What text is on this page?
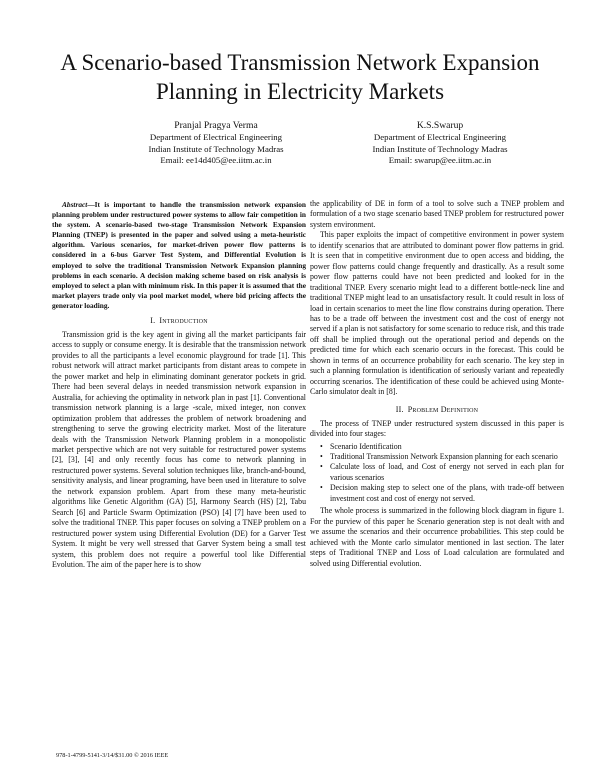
A Scenario-based Transmission Network Expansion
Planning in Electricity Markets
Pranjal Pragya Verma
Department of Electrical Engineering
Indian Institute of Technology Madras
Email: ee14d405@ee.iitm.ac.in
K.S.Swarup
Department of Electrical Engineering
Indian Institute of Technology Madras
Email: swarup@ee.iitm.ac.in

Abstract—It is important to handle the transmission network expansion planning problem under restructured power systems to allow fair competition in the system. A scenario-based two-stage Transmission Network Expansion Planning (TNEP) is presented in the paper and solved using a meta-heuristic algorithm. Various scenarios, for market-driven power flow patterns is considered in a 6-bus Garver Test System, and Differential Evolution is employed to solve the traditional Transmission Network Expansion planning problems in each scenario. A decision making scheme based on risk analysis is employed to select a plan with minimum risk. In this paper it is assumed that the market players trade only via pool market model, where bid pricing affects the generator loading.

I. Introduction

Transmission grid is the key agent in giving all the market participants fair access to supply or consume energy. It is desirable that the transmission network provides to all the participants a level economic playground for trade [1]. This robust network will attract market participants from distant areas to compete in the power market and help in eliminating dominant generator pockets in grid. There had been several delays in needed transmission network expansion in Australia, for achieving the optimality in network plan in past [1]. Conventional transmission network planning is a large -scale, mixed integer, non convex optimization problem that addresses the problem of network broadening and strengthening to serve the growing electricity market. Most of the literature deals with the Transmission Network Planning problem in a monopolistic market perspective which are not very suitable for restructured power systems [2], [3], [4] and only recently focus has come to network planning in restructured power systems. Several solution techniques like, branch-and-bound, sensitivity analysis, and linear programing, have been used in literature to solve the network expansion problem. Apart from these many meta-heuristic algorithms like Genetic Algorithm (GA) [5], Harmony Search (HS) [2], Tabu Search [6] and Particle Swarm Optimization (PSO) [4] [7] have been used to solve the traditional TNEP. This paper focuses on solving a TNEP problem on a restructured power system using Differential Evolution (DE) for a Garver Test System. It might be very well stressed that Garver System being a small test system, this problem does not require a powerful tool like Differential Evolution. The aim of the paper here is to show

the applicability of DE in form of a tool to solve such a TNEP problem and formulation of a two stage scenario based TNEP problem for restructured power system environment.

This paper exploits the impact of competitive environment in power system to identify scenarios that are attributed to dominant power flow patterns in grid. It is seen that in competitive environment due to open access and bidding, the power flow patterns could change frequently and drastically. As a result some power flow patterns could have not been predicted and looked for in the traditional TNEP. Every scenario might lead to a different bottle-neck line and traditional TNEP might lead to an unsatisfactory result. It could result in loss of load in certain scenarios to meet the line flow constrains during operation. There has to be a trade off between the investment cost and the cost of energy not served if a plan is not satisfactory for some scenario to reduce risk, and this trade off shall be implied through out the operational period and depends on the predicted time for which each scenario occurs in the forecast. This could be shown in terms of an occurrence probability for each scenario. The key step in such a planning formulation is identification of seriously variant and repeatedly occurring scenarios. The identification of these could be achieved using Monte-Carlo simulator dealt in [8].

II. Problem Definition

The process of TNEP under restructured system discussed in this paper is divided into four stages:

• Scenario Identification
• Traditional Transmission Network Expansion planning for each scenario
• Calculate loss of load, and Cost of energy not served in each plan for various scenarios
• Decision making step to select one of the plans, with trade-off between investment cost and cost of energy not served.

The whole process is summarized in the following block diagram in figure 1. For the purview of this paper he Scenario generation step is not dealt with and we assume the scenarios and their occurrence probabilities. This step could be achieved with the Monte carlo simulator mentioned in last section. The later steps of Traditional TNEP and Loss of Load calculation are formulated and solved using Differential evolution.

978-1-4799-5141-3/14/$31.00 © 2016 IEEE
